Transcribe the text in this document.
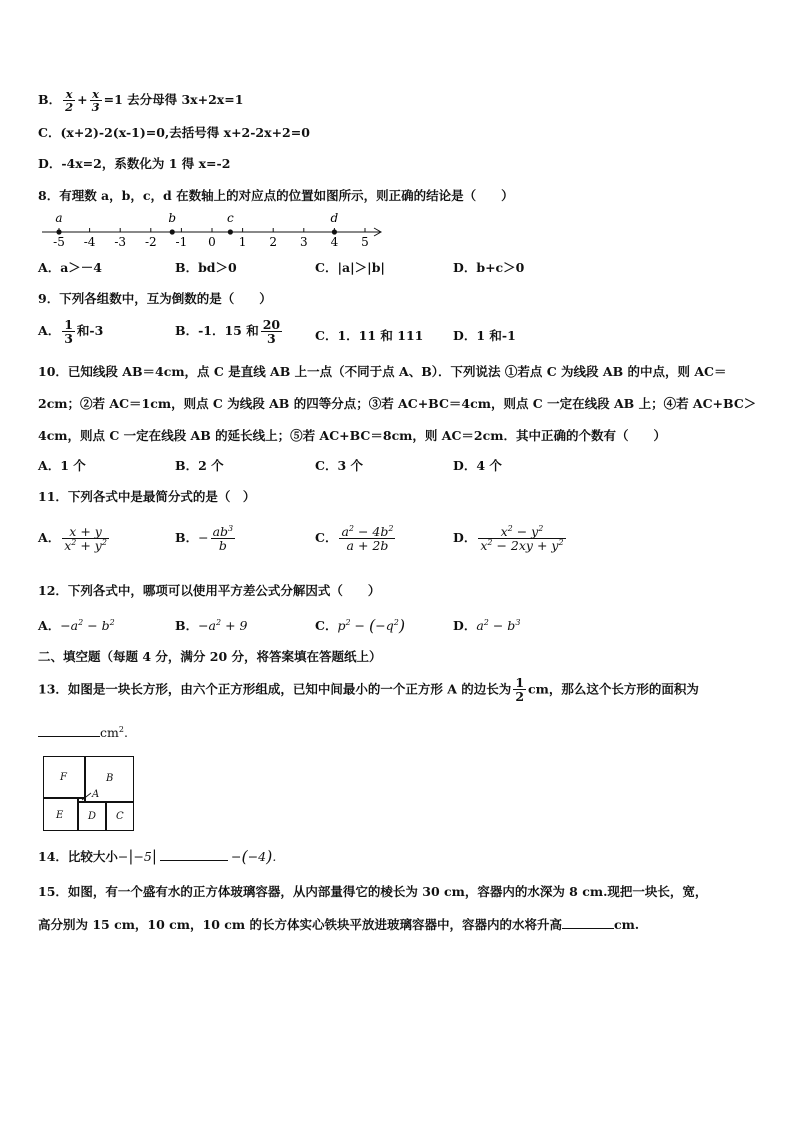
B． $\frac{x}{2} + \frac{x}{3} =1$ 去分母得 3x+2x=1
C．(x+2)-2(x-1)=0,去括号得 x+2-2x+2=0
D．-4x=2，系数化为 1 得 x=-2
8．有理数 a，b，c，d 在数轴上的对应点的位置如图所示，则正确的结论是（　　）
-5 -4 -3 -2 -1 0 1 2 3 4 5
a	b	c	d
A．a＞－4	B．bd＞0	C．|a|＞|b|	D．b+c＞0
9．下列各组数中，互为倒数的是（　　）
A． $\frac{1}{3}$ 和-3	B．-1．15 和 $\frac{20}{3}$	C．1．11 和 111 D．1 和-1
10．已知线段 AB＝4cm，点 C 是直线 AB 上一点（不同于点 A、B）．下列说法 ①若点 C 为线段 AB 的中点，则 AC＝
2cm；②若 AC＝1cm，则点 C 为线段 AB 的四等分点；③若 AC+BC＝4cm，则点 C 一定在线段 AB 上；④若 AC+BC＞
4cm，则点 C 一定在线段 AB 的延长线上；⑤若 AC+BC＝8cm，则 AC＝2cm．其中正确的个数有（　　）
A．1 个	B．2 个	C．3 个	D．4 个
11．下列各式中是最简分式的是（　）
A． $\frac{x + y}{x^2 + y^2}$	B．− $\frac{ab^3}{b}$	C． $\frac{a^2 - 4b^2}{a + 2b}$	D． $\frac{x^2 - y^2}{x^2 - 2xy + y^2}$
12．下列各式中，哪项可以使用平方差公式分解因式（　　）
A．$-a^2 - b^2$	B．$-a^2 + 9$	C．$p^2 - (-q^2)$	D．$a^2 - b^3$
二、填空题（每题 4 分，满分 20 分，将答案填在答题纸上）
13．如图是一块长方形，由六个正方形组成，已知中间最小的一个正方形 A 的边长为 $\frac{1}{2}$ cm，那么这个长方形的面积为
$cm^2$.
F	B
A
E D C
14．比较大小−|−5|	−(−4).
15．如图，有一个盛有水的正方体玻璃容器，从内部量得它的棱长为 30 cm，容器内的水深为 8 cm.现把一块长，宽，
高分别为 15 cm，10 cm，10 cm 的长方体实心铁块平放进玻璃容器中，容器内的水将升高	cm.
